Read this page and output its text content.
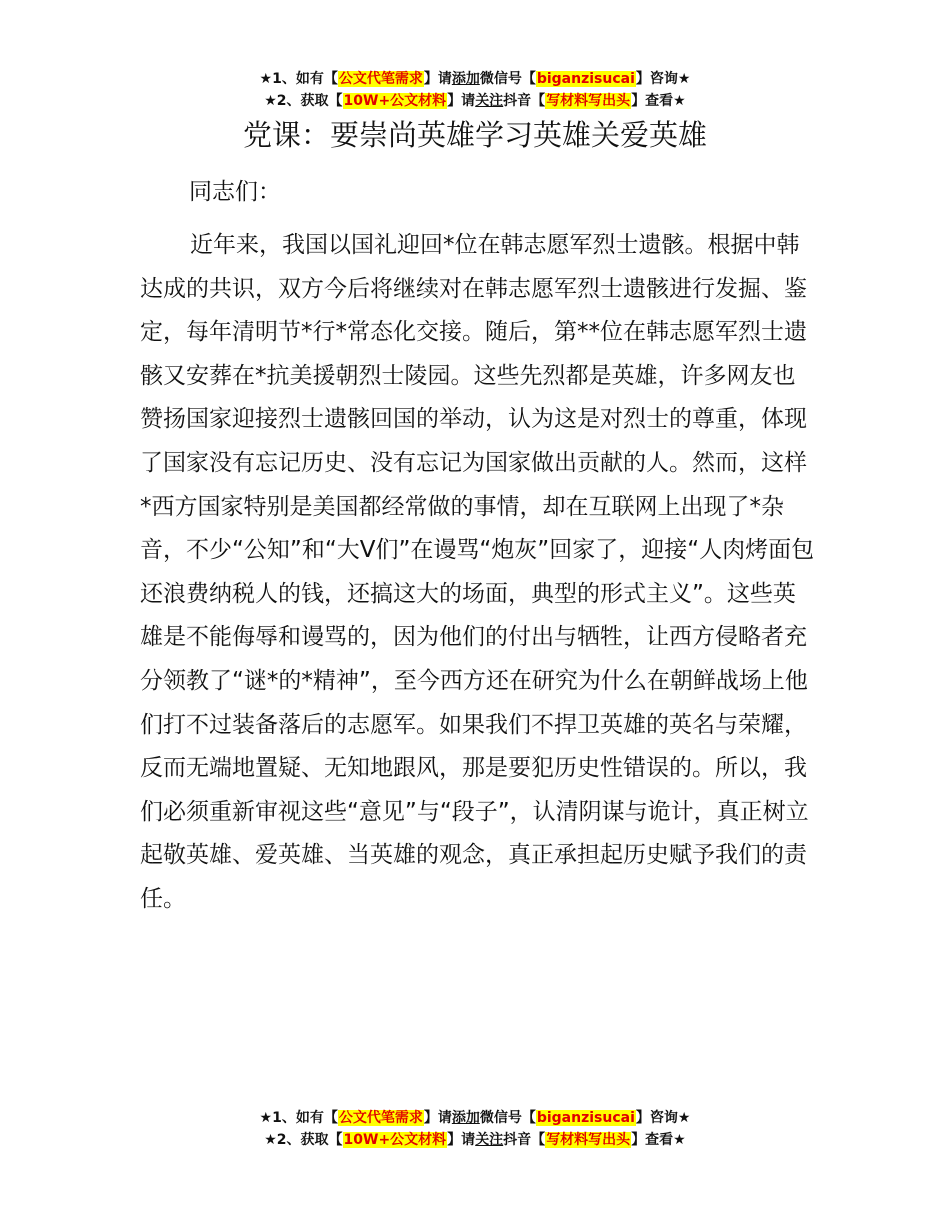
★1、如有【公文代笔需求】请添加微信号【biganzisucai】咨询★
★2、获取【10W+公文材料】请关注抖音【写材料写出头】查看★
党课：要崇尚英雄学习英雄关爱英雄
同志们：

近年来，我国以国礼迎回*位在韩志愿军烈士遗骸。根据中韩达成的共识，双方今后将继续对在韩志愿军烈士遗骸进行发掘、鉴定，每年清明节*行*常态化交接。随后，第**位在韩志愿军烈士遗骸又安葬在*抗美援朝烈士陵园。这些先烈都是英雄，许多网友也赞扬国家迎接烈士遗骸回国的举动，认为这是对烈士的尊重，体现了国家没有忘记历史、没有忘记为国家做出贡献的人。然而，这样*西方国家特别是美国都经常做的事情，却在互联网上出现了*杂音，不少“公知”和“大V们”在谩骂“炮灰”回家了，迎接“人肉烤面包还浪费纳税人的钱，还搞这大的场面，典型的形式主义”。这些英雄是不能侮辱和谩骂的，因为他们的付出与牺牲，让西方侵略者充分领教了“谜*的*精神”，至今西方还在研究为什么在朝鲜战场上他们打不过装备落后的志愿军。如果我们不捍卫英雄的英名与荣耀，反而无端地置疑、无知地跟风，那是要犯历史性错误的。所以，我们必须重新审视这些“意见”与“段子”，认清阴谋与诡计，真正树立起敬英雄、爱英雄、当英雄的观念，真正承担起历史赋予我们的责任。

★1、如有【公文代笔需求】请添加微信号【biganzisucai】咨询★
★2、获取【10W+公文材料】请关注抖音【写材料写出头】查看★
